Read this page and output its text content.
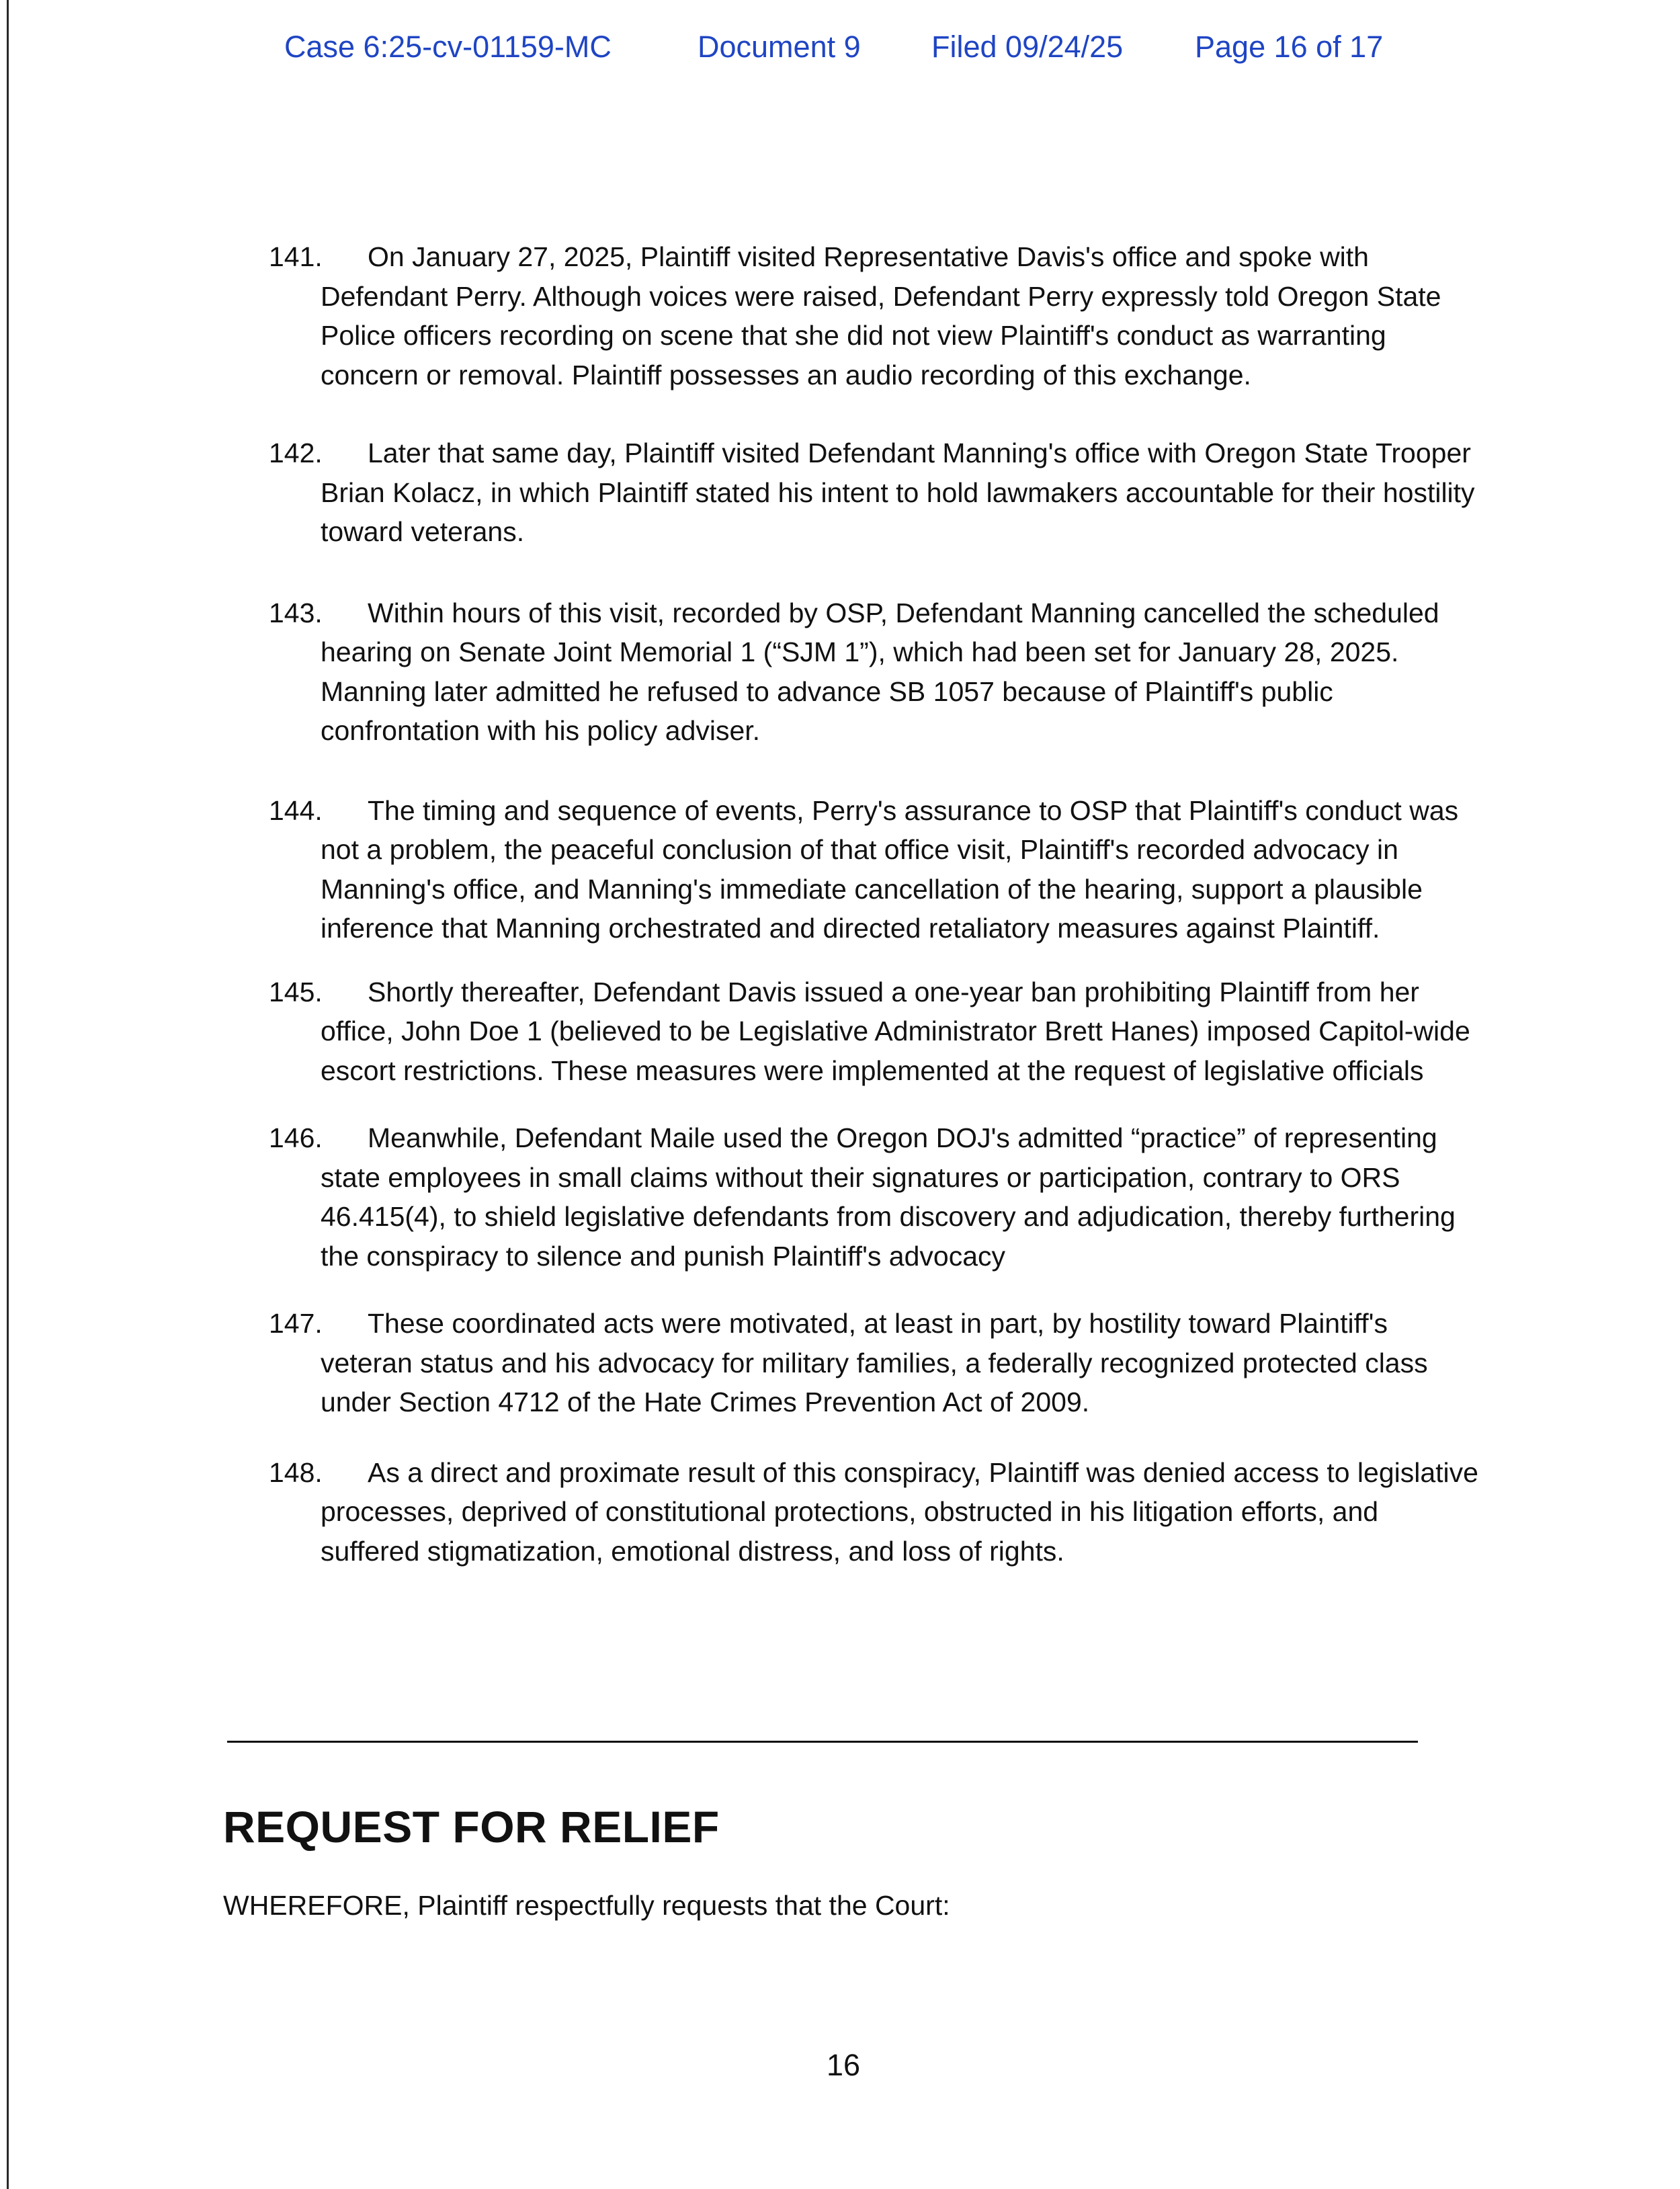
Case 6:25-cv-01159-MC	Document 9 Filed 09/24/25 Page 16 of 17
141.	On January 27, 2025, Plaintiff visited Representative Davis's office and spoke with Defendant Perry. Although voices were raised, Defendant Perry expressly told Oregon State Police officers recording on scene that she did not view Plaintiff's conduct as warranting concern or removal. Plaintiff possesses an audio recording of this exchange.
142.	Later that same day, Plaintiff visited Defendant Manning's office with Oregon State Trooper Brian Kolacz, in which Plaintiff stated his intent to hold lawmakers accountable for their hostility toward veterans.
143.	Within hours of this visit, recorded by OSP, Defendant Manning cancelled the scheduled hearing on Senate Joint Memorial 1 (“SJM 1”), which had been set for January 28, 2025. Manning later admitted he refused to advance SB 1057 because of Plaintiff's public confrontation with his policy adviser.
144.	The timing and sequence of events, Perry's assurance to OSP that Plaintiff's conduct was not a problem, the peaceful conclusion of that office visit, Plaintiff's recorded advocacy in Manning's office, and Manning's immediate cancellation of the hearing, support a plausible inference that Manning orchestrated and directed retaliatory measures against Plaintiff.
145.	Shortly thereafter, Defendant Davis issued a one-year ban prohibiting Plaintiff from her office, John Doe 1 (believed to be Legislative Administrator Brett Hanes) imposed Capitol-wide escort restrictions. These measures were implemented at the request of legislative officials
146.	Meanwhile, Defendant Maile used the Oregon DOJ's admitted “practice” of representing state employees in small claims without their signatures or participation, contrary to ORS 46.415(4), to shield legislative defendants from discovery and adjudication, thereby furthering the conspiracy to silence and punish Plaintiff's advocacy
147.	These coordinated acts were motivated, at least in part, by hostility toward Plaintiff's veteran status and his advocacy for military families, a federally recognized protected class under Section 4712 of the Hate Crimes Prevention Act of 2009.
148.	As a direct and proximate result of this conspiracy, Plaintiff was denied access to legislative processes, deprived of constitutional protections, obstructed in his litigation efforts, and suffered stigmatization, emotional distress, and loss of rights.
REQUEST FOR RELIEF
WHEREFORE, Plaintiff respectfully requests that the Court:
16
